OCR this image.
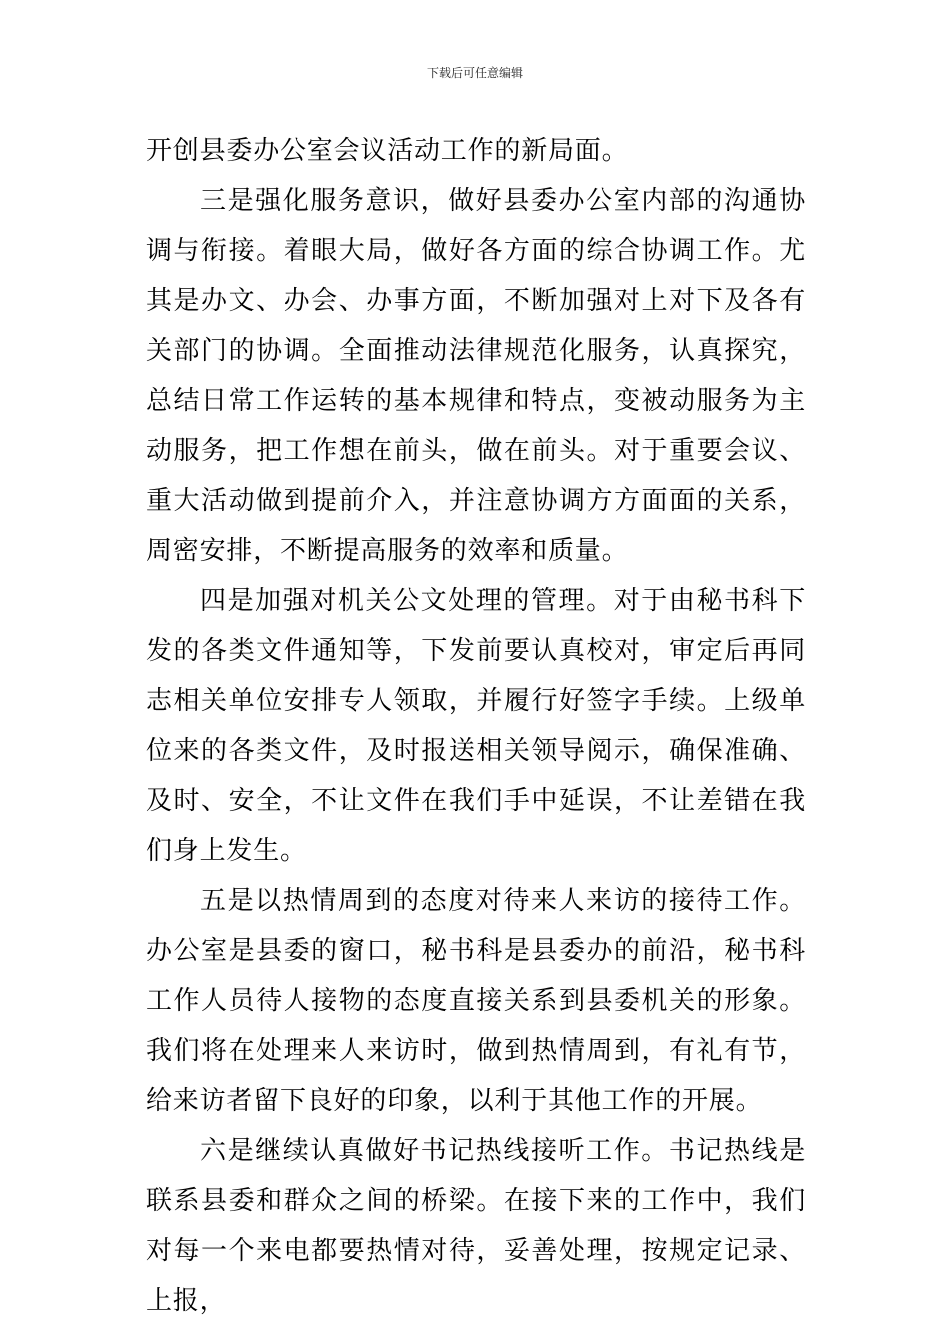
下载后可任意编辑

开创县委办公室会议活动工作的新局面。

三是强化服务意识，做好县委办公室内部的沟通协调与衔接。着眼大局，做好各方面的综合协调工作。尤其是办文、办会、办事方面，不断加强对上对下及各有关部门的协调。全面推动法律规范化服务，认真探究，总结日常工作运转的基本规律和特点，变被动服务为主动服务，把工作想在前头，做在前头。对于重要会议、重大活动做到提前介入，并注意协调方方面面的关系，周密安排，不断提高服务的效率和质量。

四是加强对机关公文处理的管理。对于由秘书科下发的各类文件通知等，下发前要认真校对，审定后再同志相关单位安排专人领取，并履行好签字手续。上级单位来的各类文件，及时报送相关领导阅示，确保准确、及时、安全，不让文件在我们手中延误，不让差错在我们身上发生。

五是以热情周到的态度对待来人来访的接待工作。办公室是县委的窗口，秘书科是县委办的前沿，秘书科工作人员待人接物的态度直接关系到县委机关的形象。我们将在处理来人来访时，做到热情周到，有礼有节，给来访者留下良好的印象，以利于其他工作的开展。

六是继续认真做好书记热线接听工作。书记热线是联系县委和群众之间的桥梁。在接下来的工作中，我们对每一个来电都要热情对待，妥善处理，按规定记录、上报，
